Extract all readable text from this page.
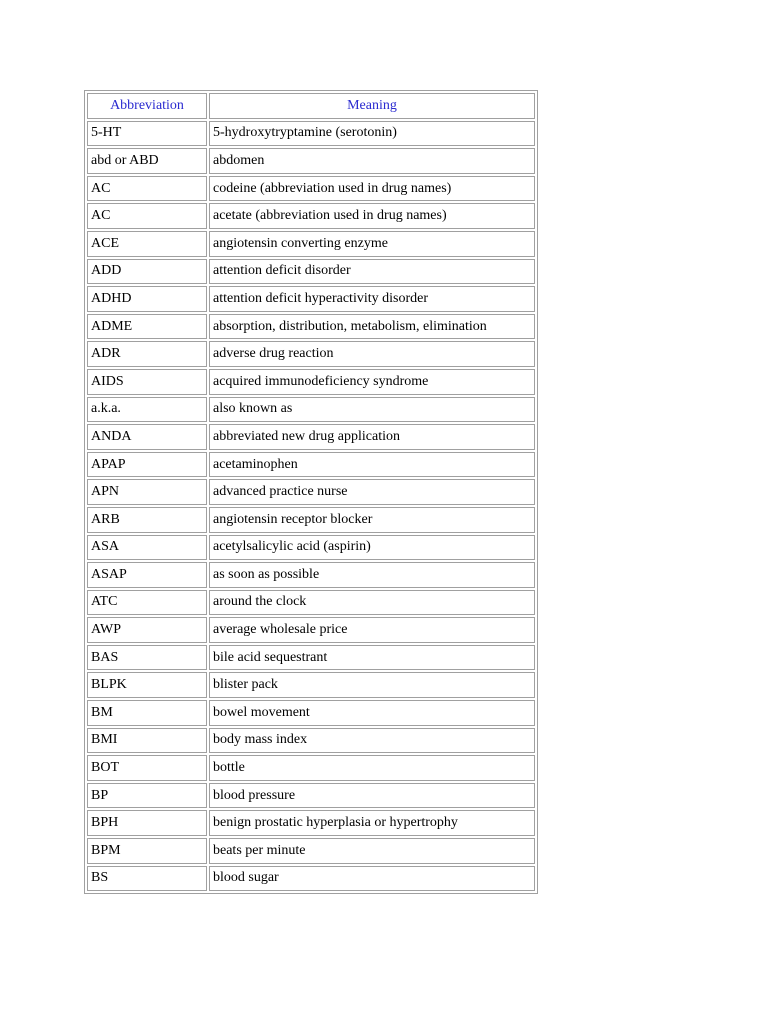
Abbreviation	Meaning
5-HT	5-hydroxytryptamine (serotonin)
abd or ABD	abdomen
AC	codeine (abbreviation used in drug names)
AC	acetate (abbreviation used in drug names)
ACE	angiotensin converting enzyme
ADD	attention deficit disorder
ADHD	attention deficit hyperactivity disorder
ADME	absorption, distribution, metabolism, elimination
ADR	adverse drug reaction
AIDS	acquired immunodeficiency syndrome
a.k.a.	also known as
ANDA	abbreviated new drug application
APAP	acetaminophen
APN	advanced practice nurse
ARB	angiotensin receptor blocker
ASA	acetylsalicylic acid (aspirin)
ASAP	as soon as possible
ATC	around the clock
AWP	average wholesale price
BAS	bile acid sequestrant
BLPK	blister pack
BM	bowel movement
BMI	body mass index
BOT	bottle
BP	blood pressure
BPH	benign prostatic hyperplasia or hypertrophy
BPM	beats per minute
BS	blood sugar
